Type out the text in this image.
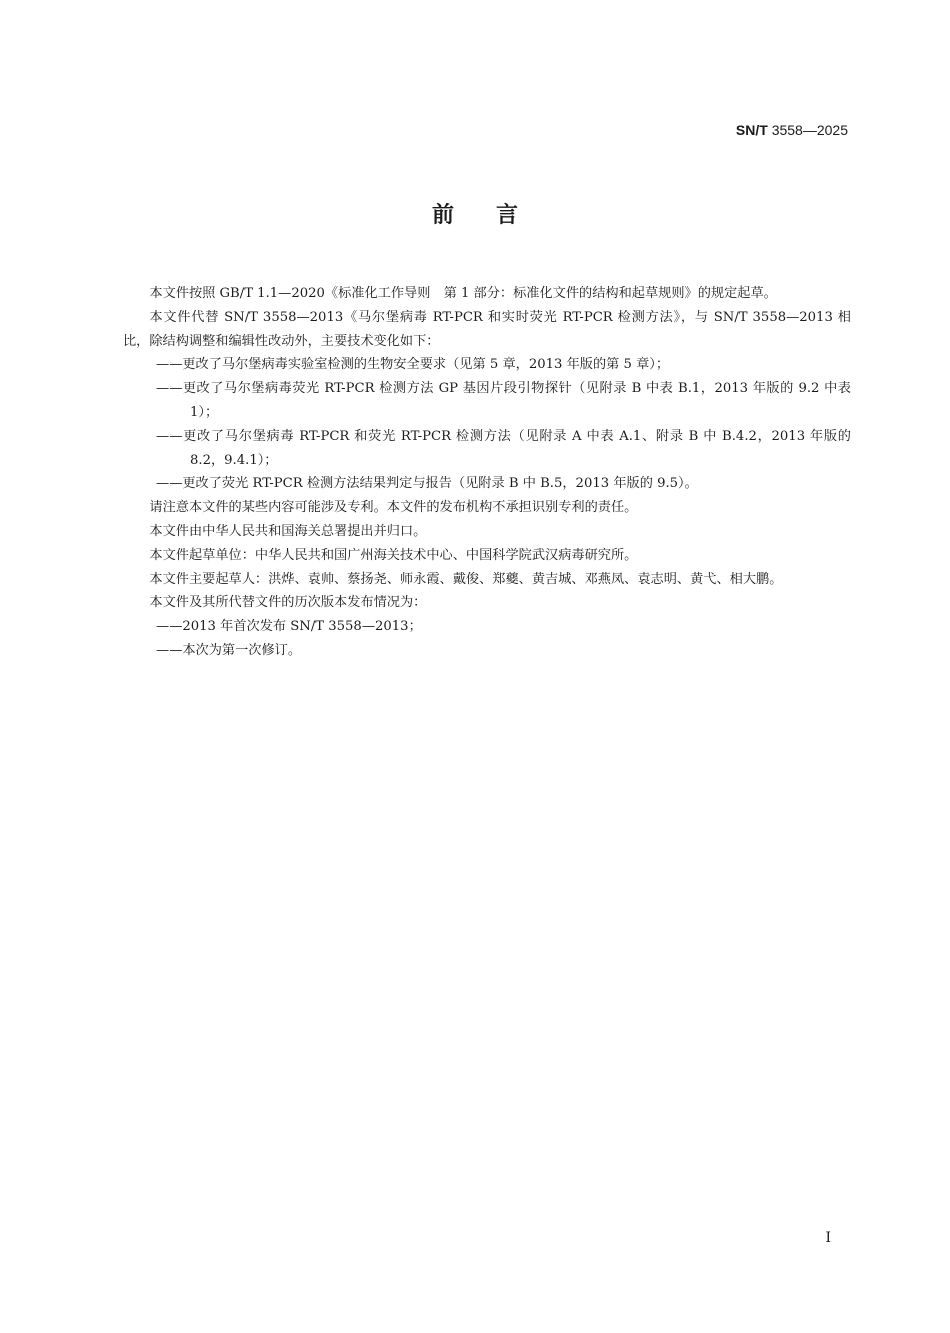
SN/T 3558—2025
前言

本文件按照 GB/T 1.1—2020《标准化工作导则　第 1 部分：标准化文件的结构和起草规则》的规定起草。

本文件代替 SN/T 3558—2013《马尔堡病毒 RT-PCR 和实时荧光 RT-PCR 检测方法》，与 SN/T 3558—2013 相比，除结构调整和编辑性改动外，主要技术变化如下：

——更改了马尔堡病毒实验室检测的生物安全要求（见第 5 章，2013 年版的第 5 章）；

——更改了马尔堡病毒荧光 RT-PCR 检测方法 GP 基因片段引物探针（见附录 B 中表 B.1，2013 年版的 9.2 中表 1）；

——更改了马尔堡病毒 RT-PCR 和荧光 RT-PCR 检测方法（见附录 A 中表 A.1、附录 B 中 B.4.2，2013 年版的 8.2，9.4.1）；

——更改了荧光 RT-PCR 检测方法结果判定与报告（见附录 B 中 B.5，2013 年版的 9.5）。

请注意本文件的某些内容可能涉及专利。本文件的发布机构不承担识别专利的责任。

本文件由中华人民共和国海关总署提出并归口。

本文件起草单位：中华人民共和国广州海关技术中心、中国科学院武汉病毒研究所。

本文件主要起草人：洪烨、袁帅、蔡扬尧、师永霞、戴俊、郑夔、黄吉城、邓燕凤、袁志明、黄弋、相大鹏。

本文件及其所代替文件的历次版本发布情况为：

——2013 年首次发布 SN/T 3558—2013；

——本次为第一次修订。

I
